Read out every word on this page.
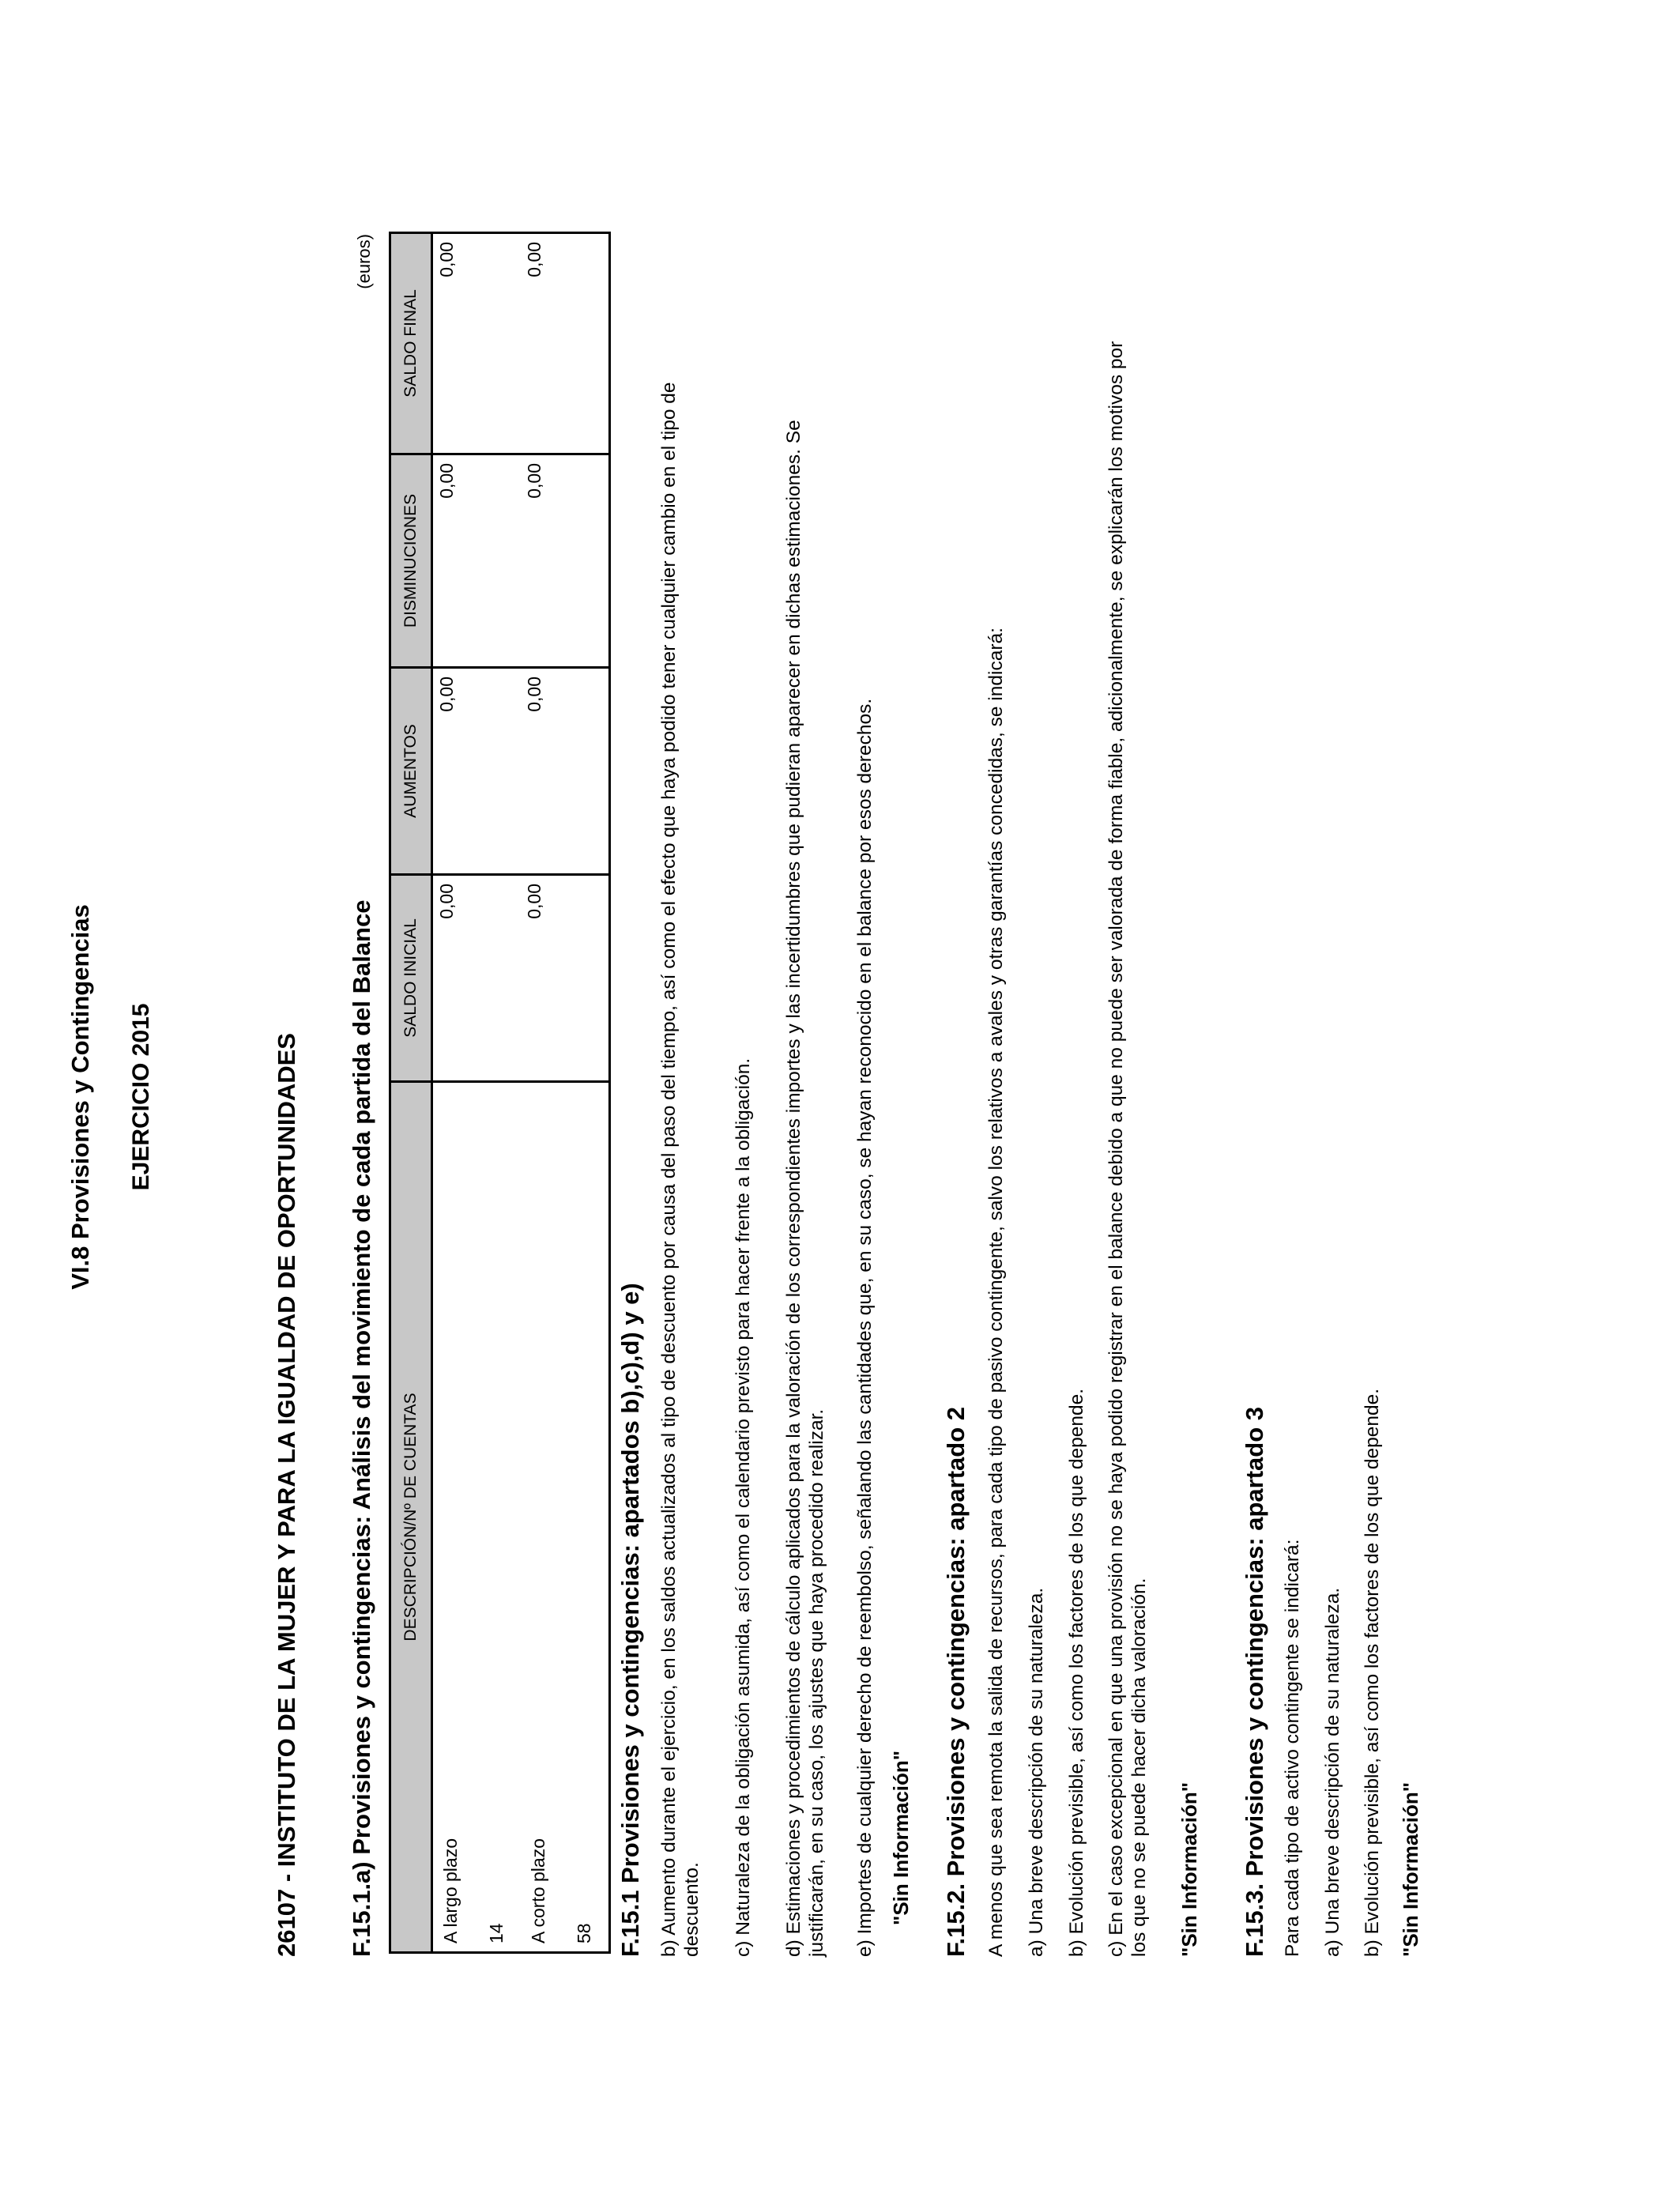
VI.8 Provisiones y Contingencias EJERCICIO 2015	26107 - INSTITUTO DE LA MUJER Y PARA LA IGUALDAD DE OPORTUNIDADES F.15.1.a) Provisiones y contingencias: Análisis del movimiento de cada partida del Balance
(euros)
DESCRIPCIÓN/Nº DE CUENTAS	SALDO INICIAL	AUMENTOS	DISMINUCIONES	SALDO FINAL

A largo plazo 14	0,00	0,00	0,00	0,00

A corto plazo 58	0,00	0,00	0,00	0,00
F.15.1 Provisiones y contingencias: apartados b),c),d) y e) b) Aumento durante el ejercicio, en los saldos actualizados al tipo de descuento por causa del paso del tiempo, así como el efecto que haya podido tener cualquier cambio en el tipo de
descuento. c) Naturaleza de la obligación asumida, así como el calendario previsto para hacer frente a la obligación. d) Estimaciones y procedimientos de cálculo aplicados para la valoración de los correspondientes importes y las incertidumbres que pudieran aparecer en dichas estimaciones. Se
justificarán, en su caso, los ajustes que haya procedido realizar. e) Importes de cualquier derecho de reembolso, señalando las cantidades que, en su caso, se hayan reconocido en el balance por esos derechos. "Sin Información" F.15.2. Provisiones y contingencias: apartado 2 A menos que sea remota la salida de recursos, para cada tipo de pasivo contingente, salvo los relativos a avales y otras garantías concedidas, se indicará: a) Una breve descripción de su naturaleza. b) Evolución previsible, así como los factores de los que depende. c) En el caso excepcional en que una provisión no se haya podido registrar en el balance debido a que no puede ser valorada de forma fiable, adicionalmente, se explicarán los motivos por
los que no se puede hacer dicha valoración.
"Sin Información" F.15.3. Provisiones y contingencias: apartado 3 Para cada tipo de activo contingente se indicará: a) Una breve descripción de su naturaleza. b) Evolución previsible, así como los factores de los que depende. "Sin Información"
